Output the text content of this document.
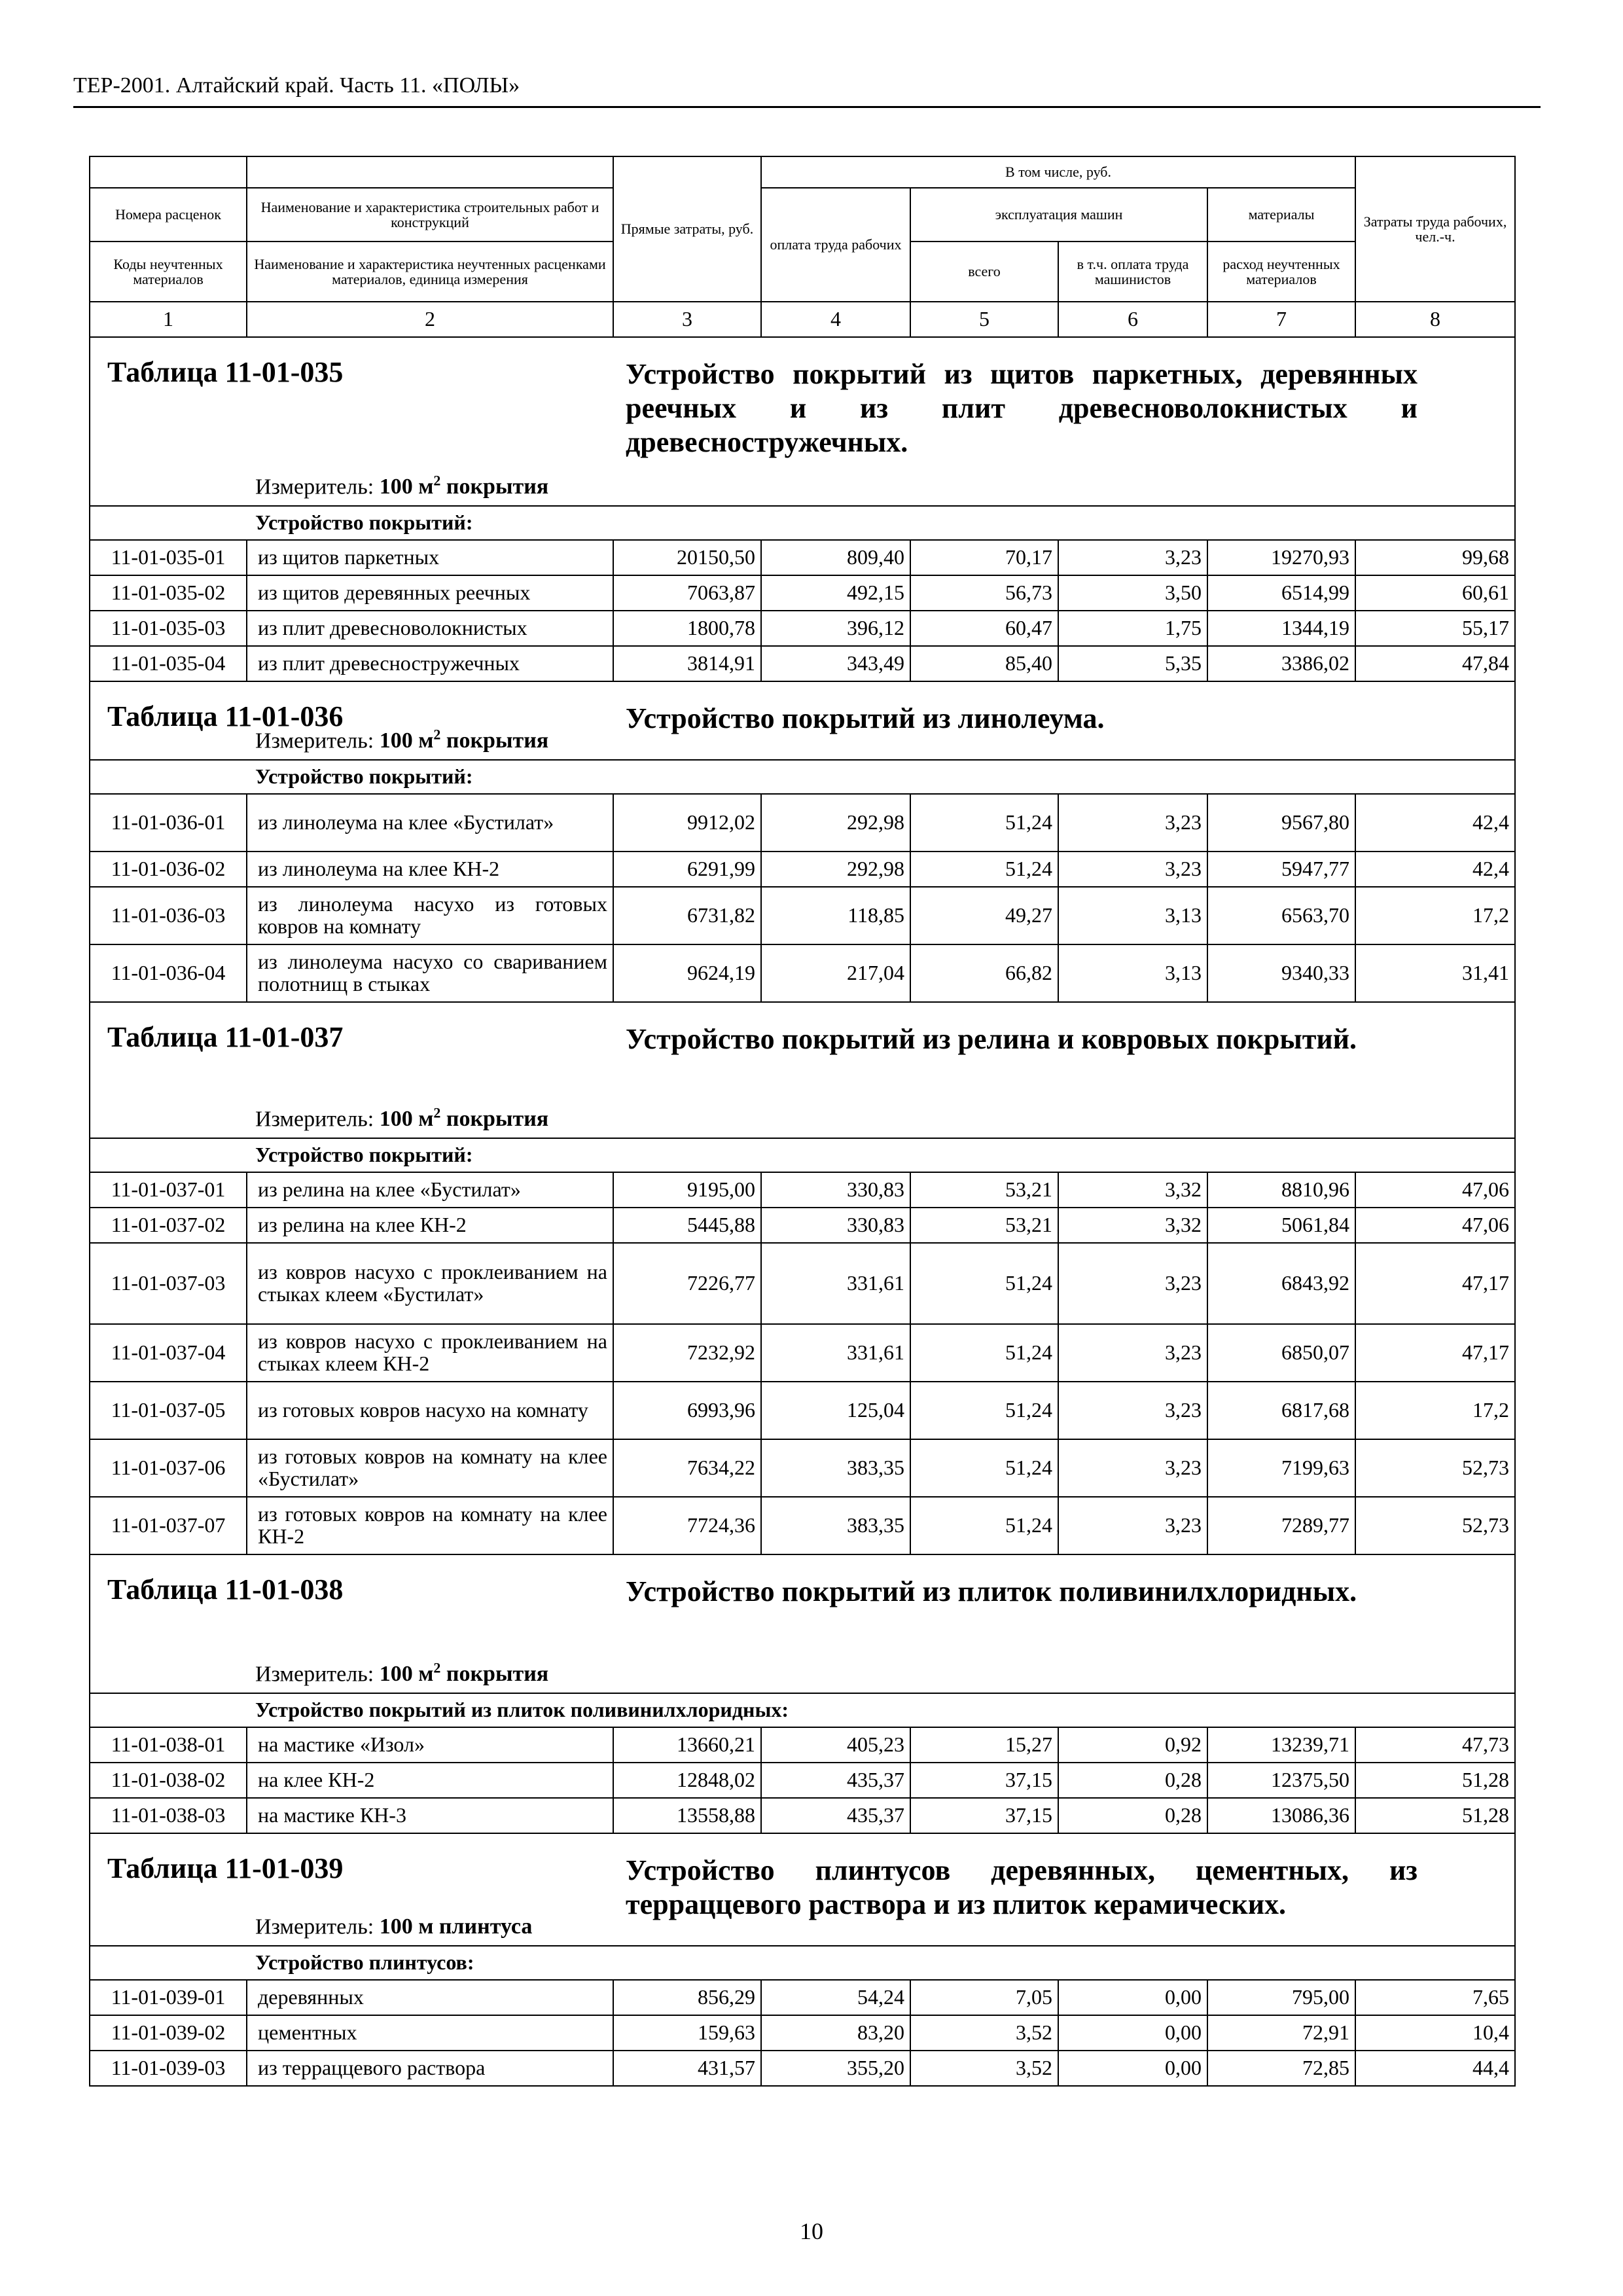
ТЕР-2001. Алтайский край. Часть 11. «ПОЛЫ»
		Прямые затраты, руб.	В том числе, руб.				Затраты труда рабочих, чел.-ч.
Номера расценок	Наименование и характеристика строительных работ и конструкций		оплата труда рабочих	эксплуатация машин		материалы	
Коды неучтенных материалов	Наименование и характеристика неучтенных расценками материалов, единица измерения			всего	в т.ч. оплата труда машинистов	расход неучтенных материалов	
1	2	3	4	5	6	7	8

Таблица 11-01-035 Устройство покрытий из щитов паркетных, деревянных реечных и из плит древесноволокнистых и древесностружечных.
Измеритель: 100 $м^2$ покрытия							

Устройство покрытий:							
11-01-035-01	из щитов паркетных	20150,50	809,40	70,17	3,23	19270,93	99,68
11-01-035-02	из щитов деревянных реечных	7063,87	492,15	56,73	3,50	6514,99	60,61
11-01-035-03	из плит древесноволокнистых	1800,78	396,12	60,47	1,75	1344,19	55,17
11-01-035-04	из плит древесностружечных	3814,91	343,49	85,40	5,35	3386,02	47,84

Таблица 11-01-036 Устройство покрытий из линолеума.
Измеритель: 100 $м^2$ покрытия							

Устройство покрытий:							
11-01-036-01	из линолеума на клее «Бустилат»	9912,02	292,98	51,24	3,23	9567,80	42,4
11-01-036-02	из линолеума на клее КН-2	6291,99	292,98	51,24	3,23	5947,77	42,4
11-01-036-03	из линолеума насухо из готовых ковров на комнату	6731,82	118,85	49,27	3,13	6563,70	17,2
11-01-036-04	из линолеума насухо со свариванием полотнищ в стыках	9624,19	217,04	66,82	3,13	9340,33	31,41

Таблица 11-01-037 Устройство покрытий из релина и ковровых покрытий.
Измеритель: 100 $м^2$ покрытия							

Устройство покрытий:							
11-01-037-01	из релина на клее «Бустилат»	9195,00	330,83	53,21	3,32	8810,96	47,06
11-01-037-02	из релина на клее КН-2	5445,88	330,83	53,21	3,32	5061,84	47,06
11-01-037-03	из ковров насухо с проклеиванием на стыках клеем «Бустилат»	7226,77	331,61	51,24	3,23	6843,92	47,17
11-01-037-04	из ковров насухо с проклеиванием на стыках клеем КН-2	7232,92	331,61	51,24	3,23	6850,07	47,17
11-01-037-05	из готовых ковров насухо на комнату	6993,96	125,04	51,24	3,23	6817,68	17,2
11-01-037-06	из готовых ковров на комнату на клее «Бустилат»	7634,22	383,35	51,24	3,23	7199,63	52,73
11-01-037-07	из готовых ковров на комнату на клее КН-2	7724,36	383,35	51,24	3,23	7289,77	52,73

Таблица 11-01-038 Устройство покрытий из плиток поливинилхлоридных.
Измеритель: 100 $м^2$ покрытия							

Устройство покрытий из плиток поливинилхлоридных:							
11-01-038-01	на мастике «Изол»	13660,21	405,23	15,27	0,92	13239,71	47,73
11-01-038-02	на клее КН-2	12848,02	435,37	37,15	0,28	12375,50	51,28
11-01-038-03	на мастике КН-3	13558,88	435,37	37,15	0,28	13086,36	51,28

Таблица 11-01-039 Устройство плинтусов деревянных, цементных, из терраццевого раствора и из плиток керамических.
Измеритель: 100 м плинтуса							

Устройство плинтусов:							
11-01-039-01	деревянных	856,29	54,24	7,05	0,00	795,00	7,65
11-01-039-02	цементных	159,63	83,20	3,52	0,00	72,91	10,4
11-01-039-03	из терраццевого раствора	431,57	355,20	3,52	0,00	72,85	44,4
10
